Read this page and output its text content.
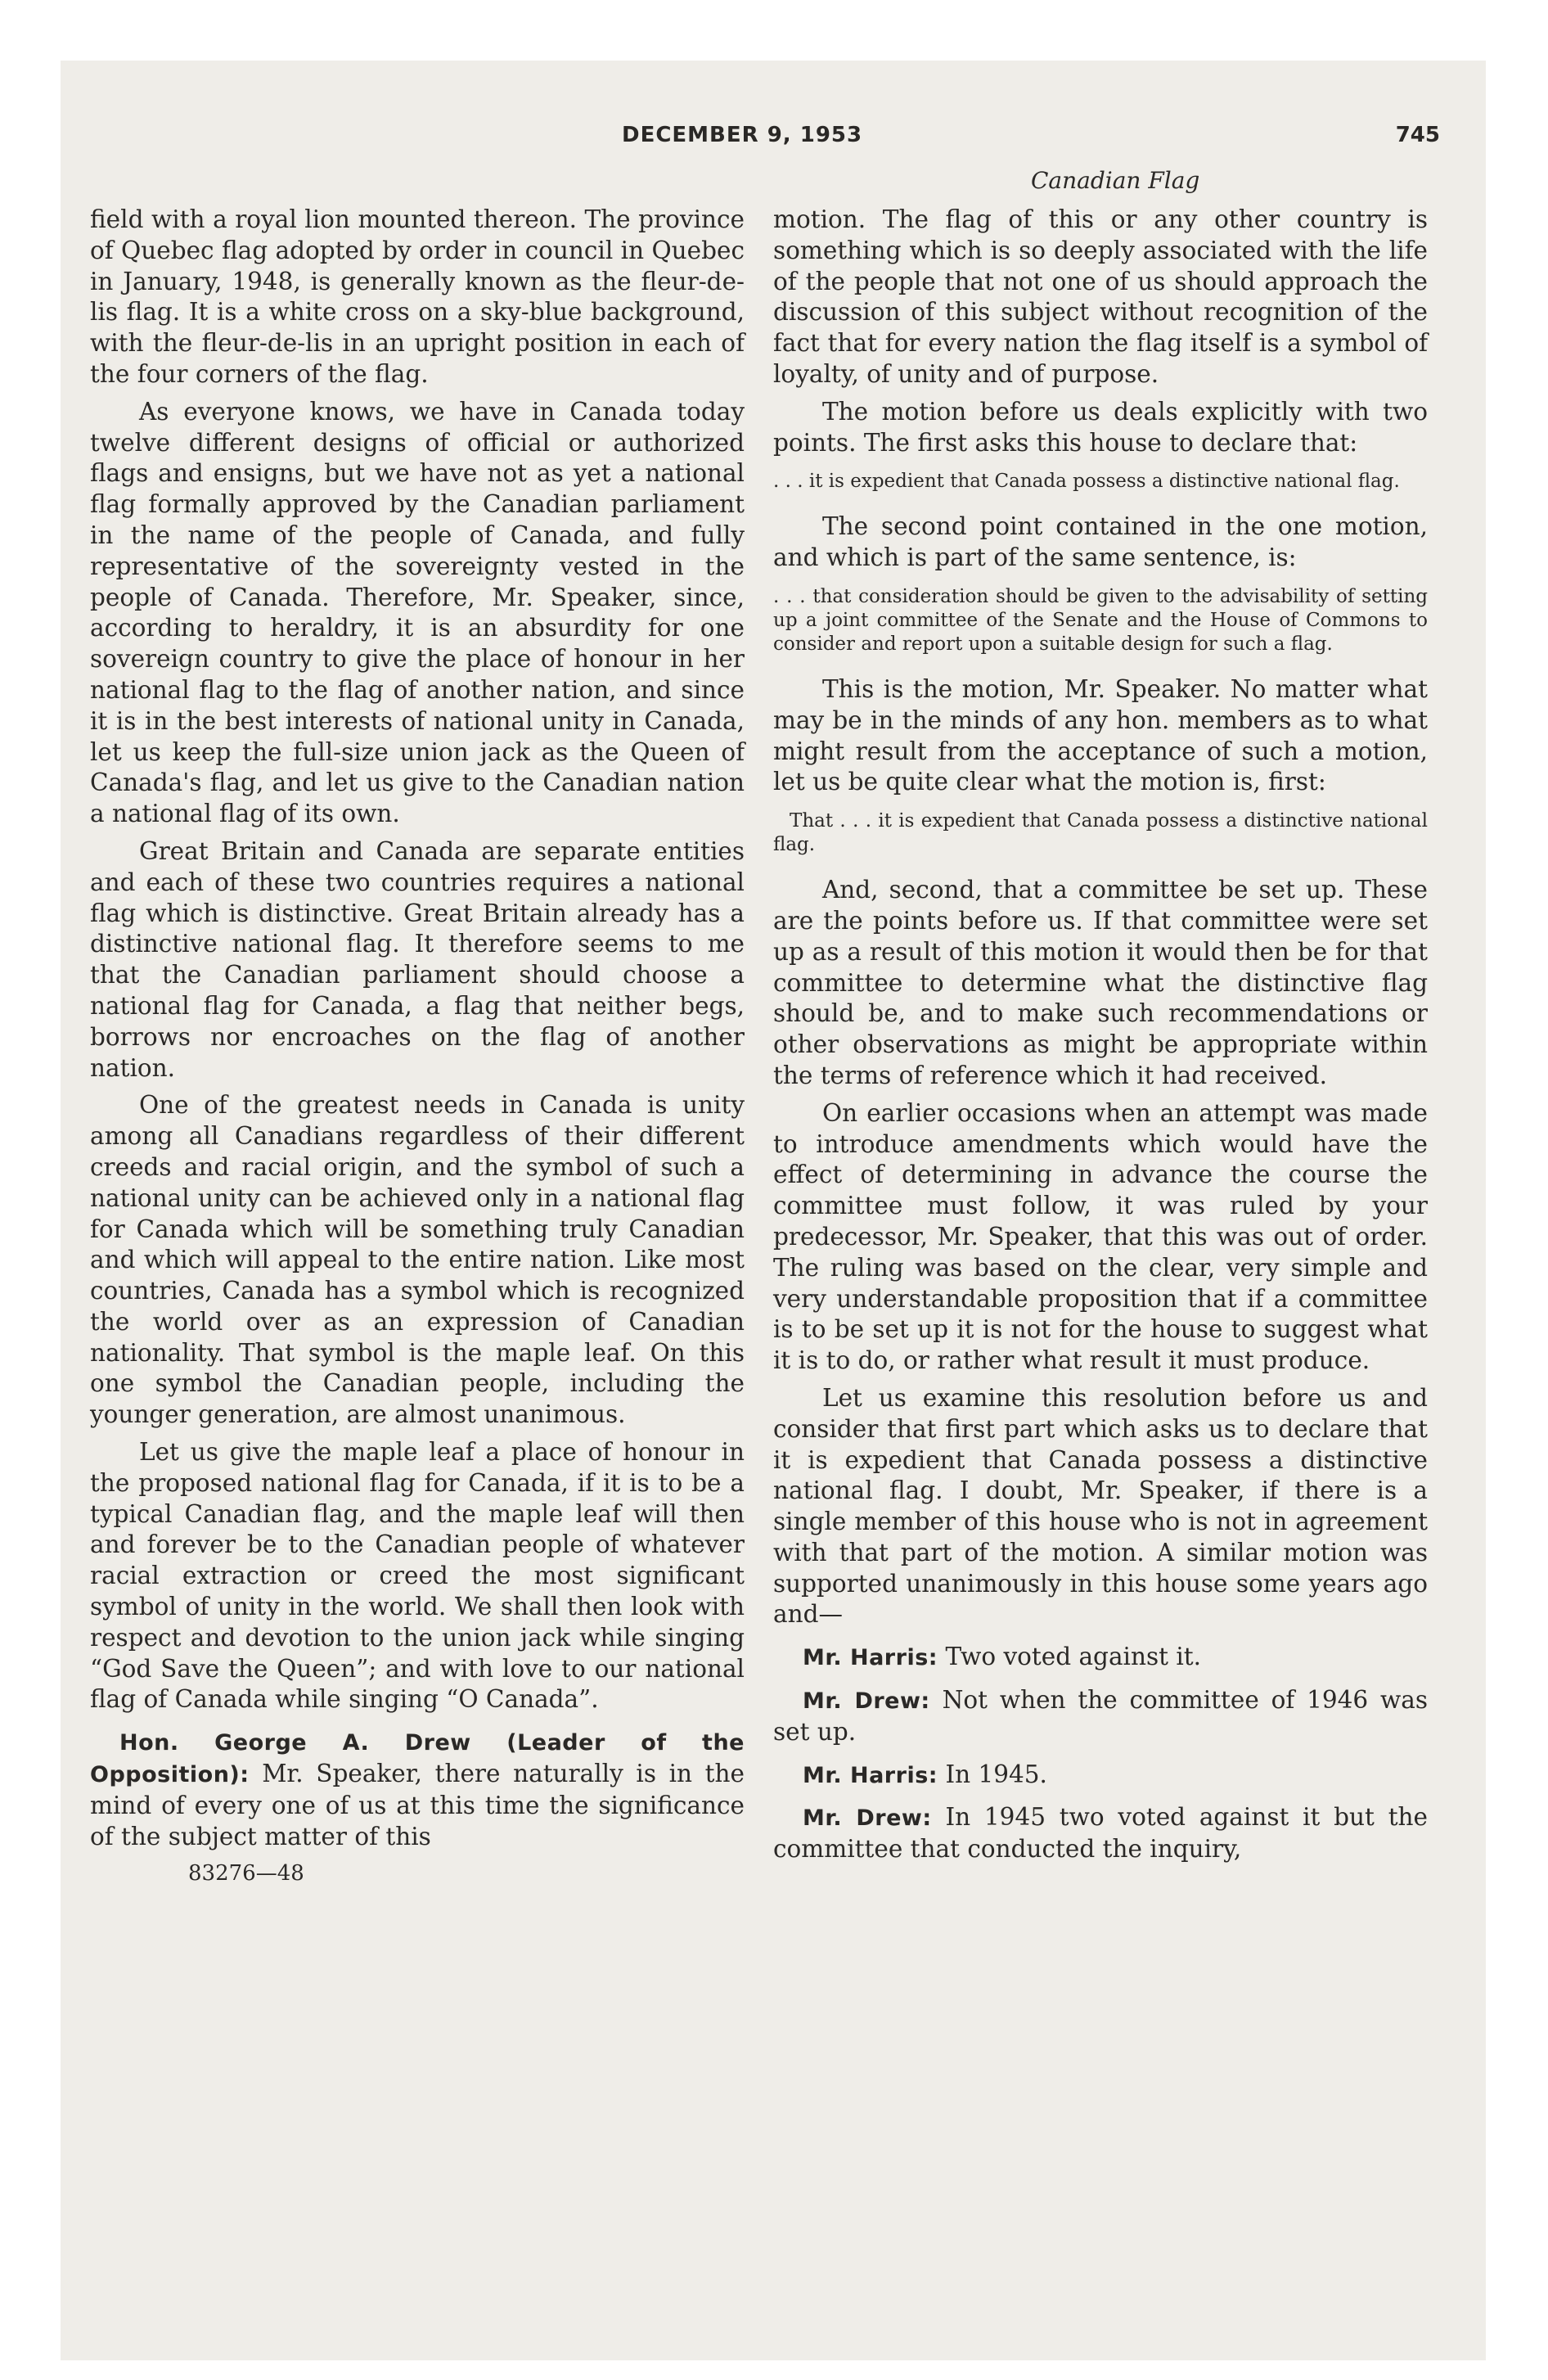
DECEMBER 9, 1953	745
Canadian Flag

field with a royal lion mounted thereon. The province of Quebec flag adopted by order in council in Quebec in January, 1948, is generally known as the fleur-de-lis flag. It is a white cross on a sky-blue background, with the fleur-de-lis in an upright position in each of the four corners of the flag.

As everyone knows, we have in Canada today twelve different designs of official or authorized flags and ensigns, but we have not as yet a national flag formally approved by the Canadian parliament in the name of the people of Canada, and fully representative of the sovereignty vested in the people of Canada. Therefore, Mr. Speaker, since, according to heraldry, it is an absurdity for one sovereign country to give the place of honour in her national flag to the flag of another nation, and since it is in the best interests of national unity in Canada, let us keep the full-size union jack as the Queen of Canada's flag, and let us give to the Canadian nation a national flag of its own.

Great Britain and Canada are separate entities and each of these two countries requires a national flag which is distinctive. Great Britain already has a distinctive national flag. It therefore seems to me that the Canadian parliament should choose a national flag for Canada, a flag that neither begs, borrows nor encroaches on the flag of another nation.

One of the greatest needs in Canada is unity among all Canadians regardless of their different creeds and racial origin, and the symbol of such a national unity can be achieved only in a national flag for Canada which will be something truly Canadian and which will appeal to the entire nation. Like most countries, Canada has a symbol which is recognized the world over as an expression of Canadian nationality. That symbol is the maple leaf. On this one symbol the Canadian people, including the younger generation, are almost unanimous.

Let us give the maple leaf a place of honour in the proposed national flag for Canada, if it is to be a typical Canadian flag, and the maple leaf will then and forever be to the Canadian people of whatever racial extraction or creed the most significant symbol of unity in the world. We shall then look with respect and devotion to the union jack while singing “God Save the Queen”; and with love to our national flag of Canada while singing “O Canada”.

Hon. George A. Drew (Leader of the Opposition): Mr. Speaker, there naturally is in the mind of every one of us at this time the significance of the subject matter of this

83276—48

motion. The flag of this or any other country is something which is so deeply associated with the life of the people that not one of us should approach the discussion of this subject without recognition of the fact that for every nation the flag itself is a symbol of loyalty, of unity and of purpose.

The motion before us deals explicitly with two points. The first asks this house to declare that:

. . . it is expedient that Canada possess a distinctive national flag.

The second point contained in the one motion, and which is part of the same sentence, is:

. . . that consideration should be given to the advisability of setting up a joint committee of the Senate and the House of Commons to consider and report upon a suitable design for such a flag.

This is the motion, Mr. Speaker. No matter what may be in the minds of any hon. members as to what might result from the acceptance of such a motion, let us be quite clear what the motion is, first:

That . . . it is expedient that Canada possess a distinctive national flag.

And, second, that a committee be set up. These are the points before us. If that committee were set up as a result of this motion it would then be for that committee to determine what the distinctive flag should be, and to make such recommendations or other observations as might be appropriate within the terms of reference which it had received.

On earlier occasions when an attempt was made to introduce amendments which would have the effect of determining in advance the course the committee must follow, it was ruled by your predecessor, Mr. Speaker, that this was out of order. The ruling was based on the clear, very simple and very understandable proposition that if a committee is to be set up it is not for the house to suggest what it is to do, or rather what result it must produce.

Let us examine this resolution before us and consider that first part which asks us to declare that it is expedient that Canada possess a distinctive national flag. I doubt, Mr. Speaker, if there is a single member of this house who is not in agreement with that part of the motion. A similar motion was supported unanimously in this house some years ago and—

Mr. Harris: Two voted against it.

Mr. Drew: Not when the committee of 1946 was set up.

Mr. Harris: In 1945.

Mr. Drew: In 1945 two voted against it but the committee that conducted the inquiry,
